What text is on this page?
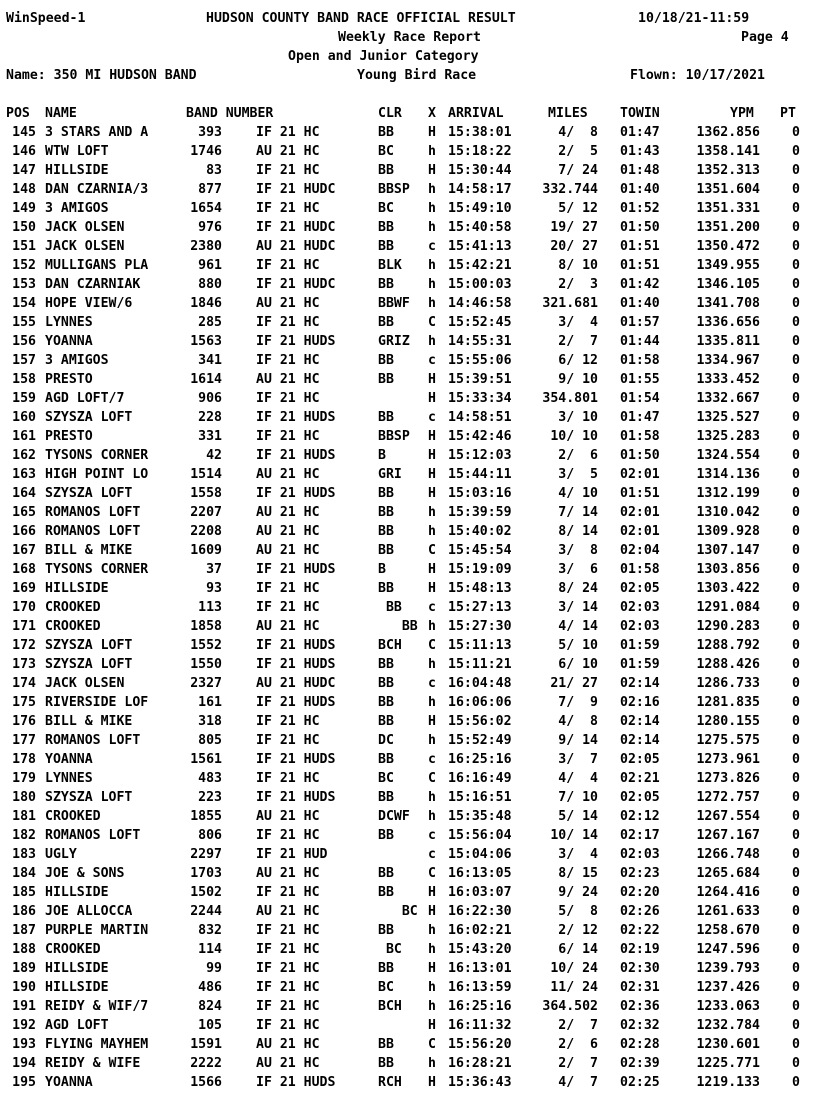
WinSpeed-1	HUDSON COUNTY BAND RACE OFFICIAL RESULT	10/18/21-11:59
Weekly Race Report	Page 4
Open and Junior Category
Name: 350 MI HUDSON BAND	Young Bird Race	Flown: 10/17/2021
POS NAME	BAND NUMBER	CLR X ARRIVAL	MILES TOWIN	YPM PT
145 3 STARS AND A	393	IF 21 HC	BB	H 15:38:01	4/  8 01:47	1362.856	0
146 WTW LOFT	1746	AU 21 HC	BC	h 15:18:22	2/  5 01:43	1358.141	0
147 HILLSIDE	83	IF 21 HC	BB	H 15:30:44	7/ 24 01:48	1352.313	0
148 DAN CZARNIA/3	877	IF 21 HUDC	BBSP h 14:58:17	332.744 01:40	1351.604	0
149 3 AMIGOS	1654	IF 21 HC	BC	h 15:49:10	5/ 12 01:52	1351.331	0
150 JACK OLSEN	976	IF 21 HUDC	BB	h 15:40:58	19/ 27 01:50	1351.200	0
151 JACK OLSEN	2380	AU 21 HUDC	BB	c 15:41:13	20/ 27 01:51	1350.472	0
152 MULLIGANS PLA	961	IF 21 HC	BLK h 15:42:21	8/ 10 01:51	1349.955	0
153 DAN CZARNIAK	880	IF 21 HUDC	BB	h 15:00:03	2/  3 01:42	1346.105	0
154 HOPE VIEW/6	1846	AU 21 HC	BBWF h 14:46:58	321.681 01:40	1341.708	0
155 LYNNES	285	IF 21 HC	BB	C 15:52:45	3/  4 01:57	1336.656	0
156 YOANNA	1563	IF 21 HUDS	GRIZ h 14:55:31	2/  7 01:44	1335.811	0
157 3 AMIGOS	341	IF 21 HC	BB	c 15:55:06	6/ 12 01:58	1334.967	0
158 PRESTO	1614	AU 21 HC	BB	H 15:39:51	9/ 10 01:55	1333.452	0
159 AGD LOFT/7	906	IF 21 HC	H 15:33:34	354.801 01:54	1332.667	0
160 SZYSZA LOFT	228	IF 21 HUDS	BB	c 14:58:51	3/ 10 01:47	1325.527	0
161 PRESTO	331	IF 21 HC	BBSP H 15:42:46	10/ 10 01:58	1325.283	0
162 TYSONS CORNER	42	IF 21 HUDS	B	H 15:12:03	2/  6 01:50	1324.554	0
163 HIGH POINT LO	1514	AU 21 HC	GRI H 15:44:11	3/  5 02:01	1314.136	0
164 SZYSZA LOFT	1558	IF 21 HUDS	BB	H 15:03:16	4/ 10 01:51	1312.199	0
165 ROMANOS LOFT	2207	AU 21 HC	BB	h 15:39:59	7/ 14 02:01	1310.042	0
166 ROMANOS LOFT	2208	AU 21 HC	BB	h 15:40:02	8/ 14 02:01	1309.928	0
167 BILL & MIKE	1609	AU 21 HC	BB	C 15:45:54	3/  8 02:04	1307.147	0
168 TYSONS CORNER	37	IF 21 HUDS	B	H 15:19:09	3/  6 01:58	1303.856	0
169 HILLSIDE	93	IF 21 HC	BB	H 15:48:13	8/ 24 02:05	1303.422	0
170 CROOKED	113	IF 21 HC	BB c 15:27:13	3/ 14 02:03	1291.084	0
171 CROOKED	1858	AU 21 HC	BB h 15:27:30	4/ 14 02:03	1290.283	0
172 SZYSZA LOFT	1552	IF 21 HUDS	BCH C 15:11:13	5/ 10 01:59	1288.792	0
173 SZYSZA LOFT	1550	IF 21 HUDS	BB	h 15:11:21	6/ 10 01:59	1288.426	0
174 JACK OLSEN	2327	AU 21 HUDC	BB	c 16:04:48	21/ 27 02:14	1286.733	0
175 RIVERSIDE LOF	161	IF 21 HUDS	BB	h 16:06:06	7/  9 02:16	1281.835	0
176 BILL & MIKE	318	IF 21 HC	BB	H 15:56:02	4/  8 02:14	1280.155	0
177 ROMANOS LOFT	805	IF 21 HC	DC	h 15:52:49	9/ 14 02:14	1275.575	0
178 YOANNA	1561	IF 21 HUDS	BB	c 16:25:16	3/  7 02:05	1273.961	0
179 LYNNES	483	IF 21 HC	BC	C 16:16:49	4/  4 02:21	1273.826	0
180 SZYSZA LOFT	223	IF 21 HUDS	BB	h 15:16:51	7/ 10 02:05	1272.757	0
181 CROOKED	1855	AU 21 HC	DCWF h 15:35:48	5/ 14 02:12	1267.554	0
182 ROMANOS LOFT	806	IF 21 HC	BB	c 15:56:04	10/ 14 02:17	1267.167	0
183 UGLY	2297	IF 21 HUD	c 15:04:06	3/  4 02:03	1266.748	0
184 JOE & SONS	1703	AU 21 HC	BB	C 16:13:05	8/ 15 02:23	1265.684	0
185 HILLSIDE	1502	IF 21 HC	BB	H 16:03:07	9/ 24 02:20	1264.416	0
186 JOE ALLOCCA	2244	AU 21 HC	BC H 16:22:30	5/  8 02:26	1261.633	0
187 PURPLE MARTIN	832	IF 21 HC	BB	h 16:02:21	2/ 12 02:22	1258.670	0
188 CROOKED	114	IF 21 HC	BC h 15:43:20	6/ 14 02:19	1247.596	0
189 HILLSIDE	99	IF 21 HC	BB	H 16:13:01	10/ 24 02:30	1239.793	0
190 HILLSIDE	486	IF 21 HC	BC	h 16:13:59	11/ 24 02:31	1237.426	0
191 REIDY & WIF/7	824	IF 21 HC	BCH h 16:25:16	364.502 02:36	1233.063	0
192 AGD LOFT	105	IF 21 HC	H 16:11:32	2/  7 02:32	1232.784	0
193 FLYING MAYHEM	1591	AU 21 HC	BB	C 15:56:20	2/  6 02:28	1230.601	0
194 REIDY & WIFE	2222	AU 21 HC	BB	h 16:28:21	2/  7 02:39	1225.771	0
195 YOANNA	1566	IF 21 HUDS	RCH H 15:36:43	4/  7 02:25	1219.133	0
